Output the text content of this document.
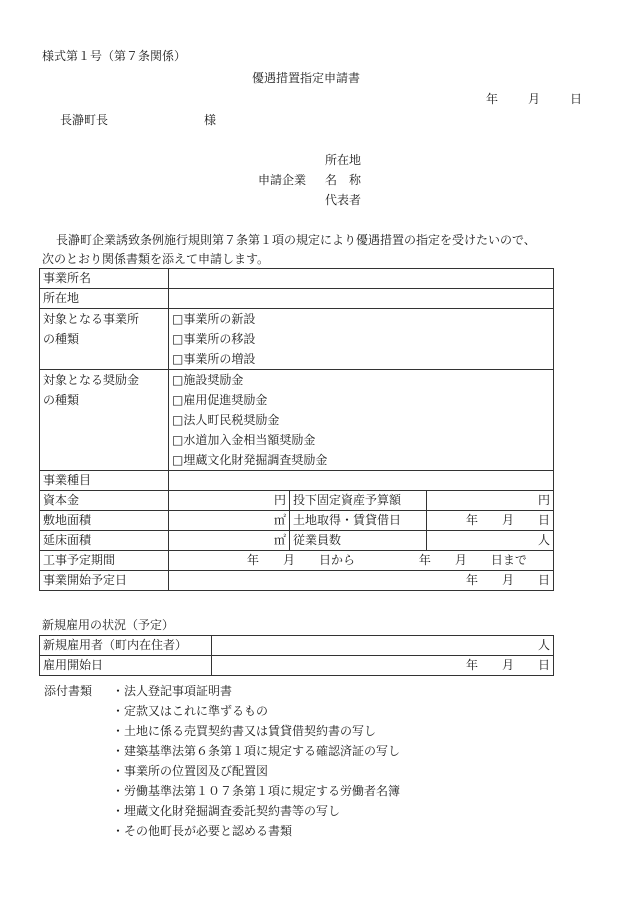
様式第１号（第７条関係）
優遇措置指定申請書
年 月 日
長瀞町長	様
所在地
申請企業 名　称
代表者
長瀞町企業誘致条例施行規則第７条第１項の規定により優遇措置の指定を受けたいので、
次のとおり関係書類を添えて申請します。
事業所名			
所在地			

対象となる事業所
の種類	□事業所の新設
□事業所の移設
□事業所の増設		

対象となる奨励金
の種類	□施設奨励金
□雇用促進奨励金
□法人町民税奨励金
□水道加入金相当額奨励金
□埋蔵文化財発掘調査奨励金		

事業種目			
資本金	円	投下固定資産予算額	円
敷地面積	㎡	土地取得・賃貸借日	年　　月　　日
延床面積	㎡	従業員数	人
工事予定期間	年　　月　　日から 年　　月　　日まで		
事業開始予定日	年　　月　　日		
新規雇用の状況（予定）
新規雇用者（町内在住者）	人
雇用開始日	年　　月　　日
添付書類 ・法人登記事項証明書
・定款又はこれに準ずるもの
・土地に係る売買契約書又は賃貸借契約書の写し
・建築基準法第６条第１項に規定する確認済証の写し
・事業所の位置図及び配置図
・労働基準法第１０７条第１項に規定する労働者名簿
・埋蔵文化財発掘調査委託契約書等の写し
・その他町長が必要と認める書類
